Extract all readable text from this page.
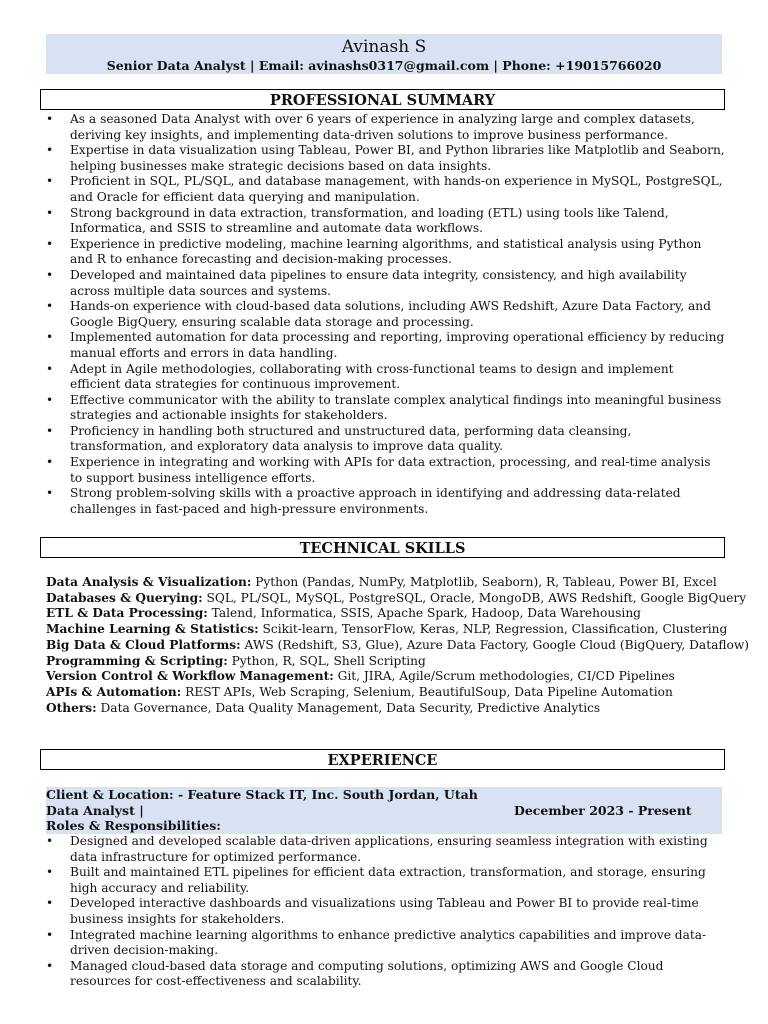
Avinash S
Senior Data Analyst | Email: avinashs0317@gmail.com | Phone: +19015766020
PROFESSIONAL SUMMARY
• As a seasoned Data Analyst with over 6 years of experience in analyzing large and complex datasets, deriving key insights, and implementing data-driven solutions to improve business performance.
• Expertise in data visualization using Tableau, Power BI, and Python libraries like Matplotlib and Seaborn, helping businesses make strategic decisions based on data insights.
• Proficient in SQL, PL/SQL, and database management, with hands-on experience in MySQL, PostgreSQL, and Oracle for efficient data querying and manipulation.
• Strong background in data extraction, transformation, and loading (ETL) using tools like Talend, Informatica, and SSIS to streamline and automate data workflows.
• Experience in predictive modeling, machine learning algorithms, and statistical analysis using Python and R to enhance forecasting and decision-making processes.
• Developed and maintained data pipelines to ensure data integrity, consistency, and high availability across multiple data sources and systems.
• Hands-on experience with cloud-based data solutions, including AWS Redshift, Azure Data Factory, and Google BigQuery, ensuring scalable data storage and processing.
• Implemented automation for data processing and reporting, improving operational efficiency by reducing manual efforts and errors in data handling.
• Adept in Agile methodologies, collaborating with cross-functional teams to design and implement efficient data strategies for continuous improvement.
• Effective communicator with the ability to translate complex analytical findings into meaningful business strategies and actionable insights for stakeholders.
• Proficiency in handling both structured and unstructured data, performing data cleansing, transformation, and exploratory data analysis to improve data quality.
• Experience in integrating and working with APIs for data extraction, processing, and real-time analysis to support business intelligence efforts.
• Strong problem-solving skills with a proactive approach in identifying and addressing data-related challenges in fast-paced and high-pressure environments.
TECHNICAL SKILLS
Data Analysis & Visualization: Python (Pandas, NumPy, Matplotlib, Seaborn), R, Tableau, Power BI, Excel
Databases & Querying: SQL, PL/SQL, MySQL, PostgreSQL, Oracle, MongoDB, AWS Redshift, Google BigQuery
ETL & Data Processing: Talend, Informatica, SSIS, Apache Spark, Hadoop, Data Warehousing
Machine Learning & Statistics: Scikit-learn, TensorFlow, Keras, NLP, Regression, Classification, Clustering
Big Data & Cloud Platforms: AWS (Redshift, S3, Glue), Azure Data Factory, Google Cloud (BigQuery, Dataflow)
Programming & Scripting: Python, R, SQL, Shell Scripting
Version Control & Workflow Management: Git, JIRA, Agile/Scrum methodologies, CI/CD Pipelines
APIs & Automation: REST APIs, Web Scraping, Selenium, BeautifulSoup, Data Pipeline Automation
Others: Data Governance, Data Quality Management, Data Security, Predictive Analytics
EXPERIENCE
Client & Location: - Feature Stack IT, Inc. South Jordan, Utah
Data Analyst |	December 2023 - Present
Roles & Responsibilities:
• Designed and developed scalable data-driven applications, ensuring seamless integration with existing data infrastructure for optimized performance.
• Built and maintained ETL pipelines for efficient data extraction, transformation, and storage, ensuring high accuracy and reliability.
• Developed interactive dashboards and visualizations using Tableau and Power BI to provide real-time business insights for stakeholders.
• Integrated machine learning algorithms to enhance predictive analytics capabilities and improve data-driven decision-making.
• Managed cloud-based data storage and computing solutions, optimizing AWS and Google Cloud resources for cost-effectiveness and scalability.
